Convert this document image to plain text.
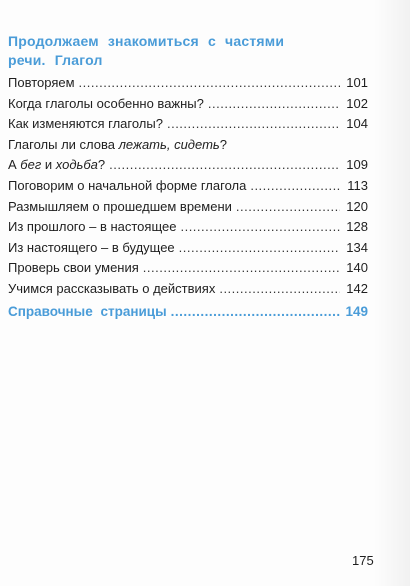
Продолжаем знакомиться с частями
речи. Глагол
Повторяем .....	101
Когда глаголы особенно важны? .....	102
Как изменяются глаголы? .....	104
Глаголы ли слова лежать, сидеть?
А бег и ходьба? .....	109
Поговорим о начальной форме глагола .....	113
Размышляем о прошедшем времени .....	120
Из прошлого – в настоящее .....	128
Из настоящего – в будущее .....	134
Проверь свои умения .....	140
Учимся рассказывать о действиях .....	142
Справочные страницы .....	149
175
